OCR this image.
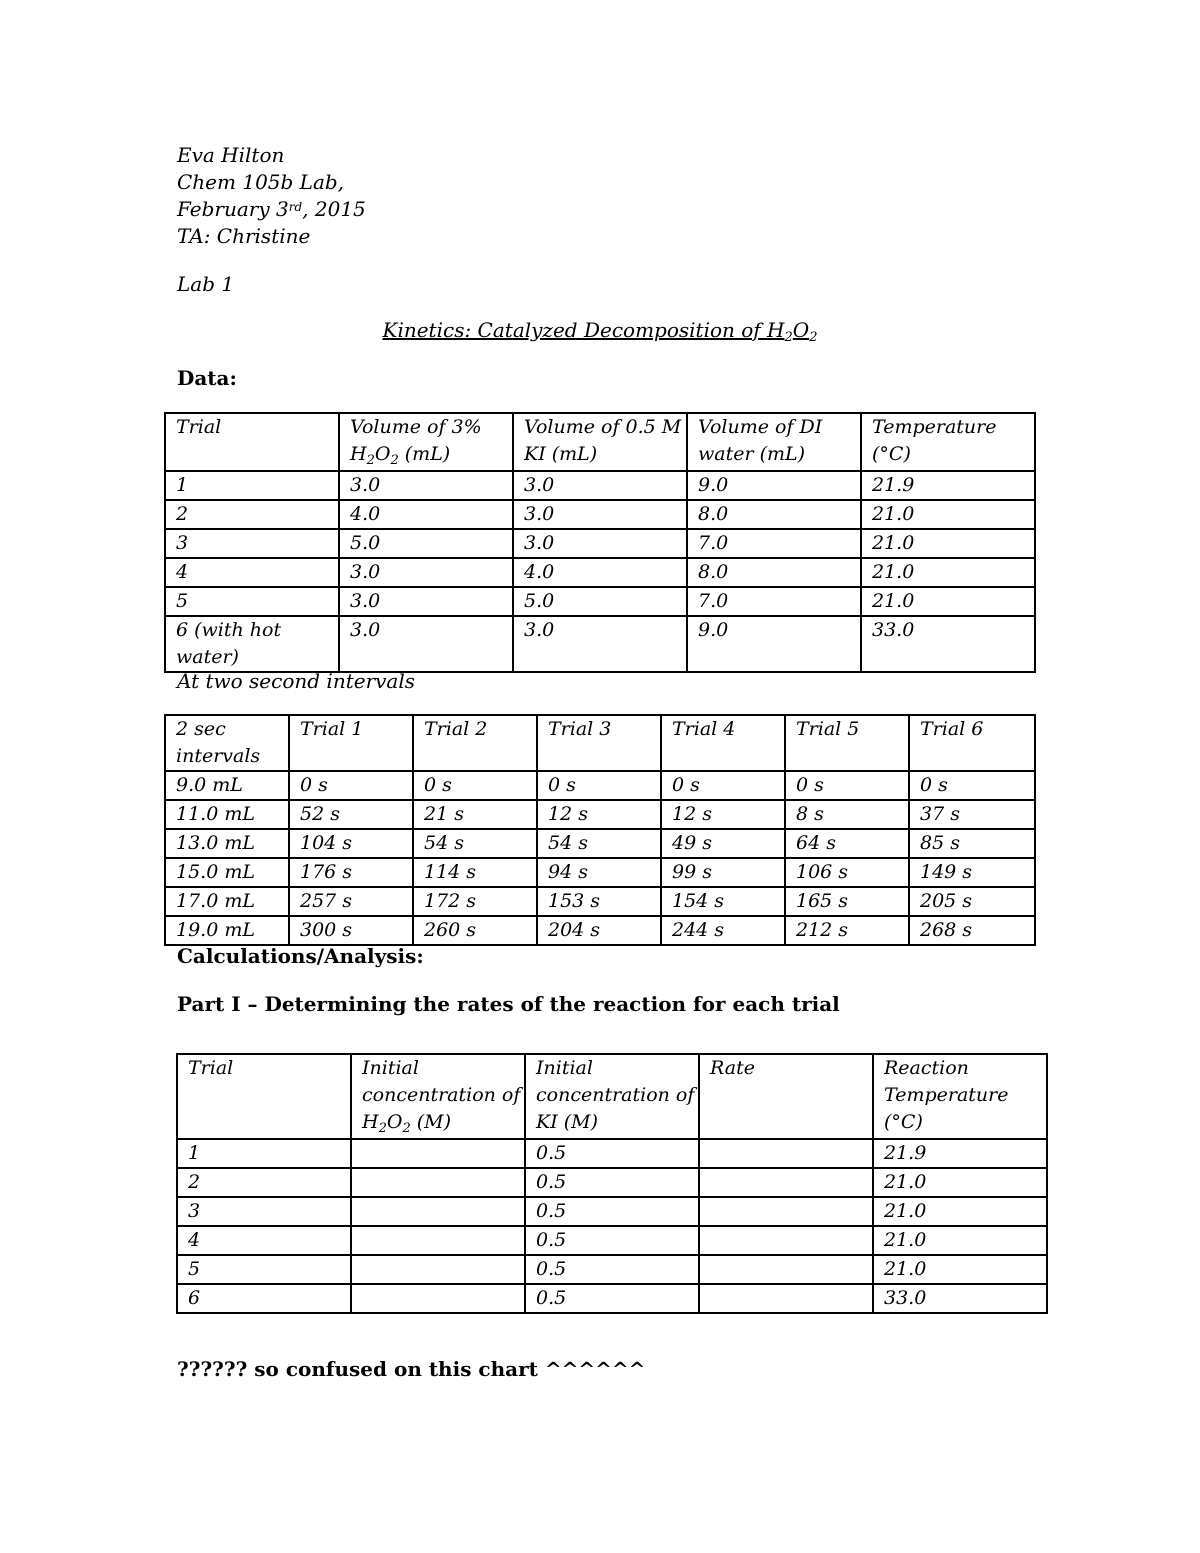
Eva Hilton
Chem 105b Lab,
February 3rd, 2015
TA: Christine
Lab 1
Kinetics: Catalyzed Decomposition of $H_2O_2$
Data:
Trial	Volume of 3% $H_2O_2$ (mL)	Volume of 0.5 M KI (mL)	Volume of DI water (mL)	Temperature (°C)
1	3.0	3.0	9.0	21.9
2	4.0	3.0	8.0	21.0
3	5.0	3.0	7.0	21.0
4	3.0	4.0	8.0	21.0
5	3.0	5.0	7.0	21.0
6 (with hot water)	3.0	3.0	9.0	33.0
At two second intervals
2 sec intervals	Trial 1	Trial 2	Trial 3	Trial 4	Trial 5	Trial 6
9.0 mL	0 s	0 s	0 s	0 s	0 s	0 s
11.0 mL	52 s	21 s	12 s	12 s	8 s	37 s
13.0 mL	104 s	54 s	54 s	49 s	64 s	85 s
15.0 mL	176 s	114 s	94 s	99 s	106 s	149 s
17.0 mL	257 s	172 s	153 s	154 s	165 s	205 s
19.0 mL	300 s	260 s	204 s	244 s	212 s	268 s
Calculations/Analysis:
Part I – Determining the rates of the reaction for each trial
Trial	Initial concentration of $H_2O_2$ (M)	Initial concentration of KI (M)	Rate	Reaction Temperature (°C)
1		0.5		21.9
2		0.5		21.0
3		0.5		21.0
4		0.5		21.0
5		0.5		21.0
6		0.5		33.0
?????? so confused on this chart ^^^^^^
